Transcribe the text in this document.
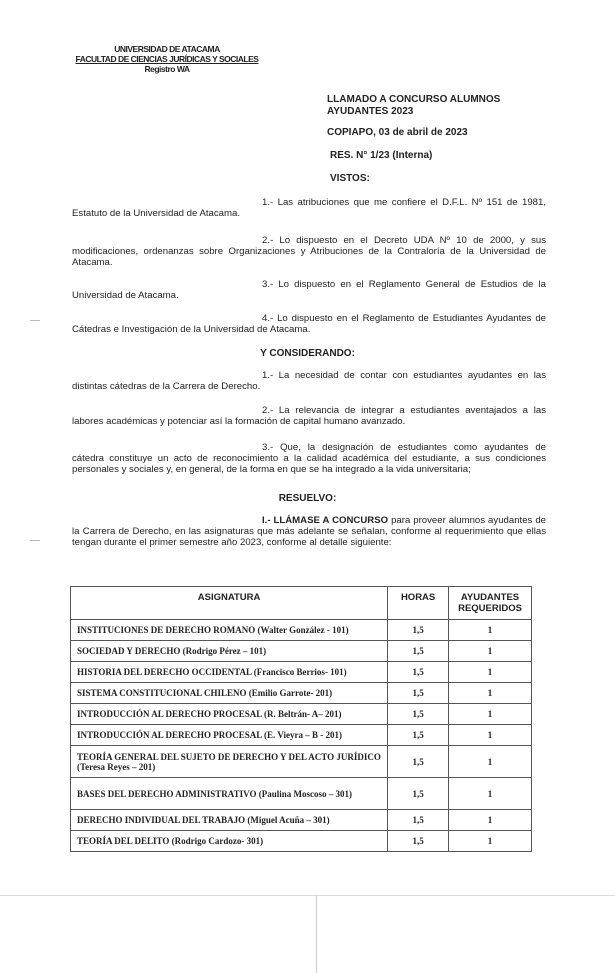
UNIVERSIDAD DE ATACAMA
FACULTAD DE CIENCIAS JURÍDICAS Y SOCIALES
Registro WA
LLAMADO A CONCURSO ALUMNOS
AYUDANTES 2023
COPIAPO, 03 de abril de 2023
RES. N° 1/23 (Interna)
VISTOS:
1.- Las atribuciones que me confiere el D.F.L. Nº 151 de 1981, Estatuto de la Universidad de Atacama.
2.- Lo dispuesto en el Decreto UDA Nº 10 de 2000, y sus modificaciones, ordenanzas sobre Organizaciones y Atribuciones de la Contraloría de la Universidad de Atacama.
3.- Lo dispuesto en el Reglamento General de Estudios de la Universidad de Atacama.
4.- Lo dispuesto en el Reglamento de Estudiantes Ayudantes de Cátedras e Investigación de la Universidad de Atacama.
Y CONSIDERANDO:
1.- La necesidad de contar con estudiantes ayudantes en las distintas cátedras de la Carrera de Derecho.
2.- La relevancia de integrar a estudiantes aventajados a las labores académicas y potenciar así la formación de capital humano avanzado.
3.- Que, la designación de estudiantes como ayudantes de cátedra constituye un acto de reconocimiento a la calidad académica del estudiante, a sus condiciones personales y sociales y, en general, de la forma en que se ha integrado a la vida universitaria;
RESUELVO:
I.- LLÁMASE A CONCURSO para proveer alumnos ayudantes de la Carrera de Derecho, en las asignaturas que más adelante se señalan, conforme al requerimiento que ellas tengan durante el primer semestre año 2023, conforme al detalle siguiente:
ASIGNATURA	HORAS	AYUDANTES REQUERIDOS
INSTITUCIONES DE DERECHO ROMANO (Walter González - 101)	1,5	1
SOCIEDAD Y DERECHO (Rodrigo Pérez – 101)	1,5	1
HISTORIA DEL DERECHO OCCIDENTAL (Francisco Berrios- 101)	1,5	1
SISTEMA CONSTITUCIONAL CHILENO (Emilio Garrote- 201)	1,5	1
INTRODUCCIÓN AL DERECHO PROCESAL (R. Beltrán- A– 201)	1,5	1
INTRODUCCIÓN AL DERECHO PROCESAL (E. Vieyra – B - 201)	1,5	1
TEORÍA GENERAL DEL SUJETO DE DERECHO Y DEL ACTO JURÍDICO (Teresa Reyes – 201)	1,5	1
BASES DEL DERECHO ADMINISTRATIVO (Paulina Moscoso – 301)	1,5	1
DERECHO INDIVIDUAL DEL TRABAJO (Miguel Acuña – 301)	1,5	1
TEORÍA DEL DELITO (Rodrigo Cardozo- 301)	1,5	1
